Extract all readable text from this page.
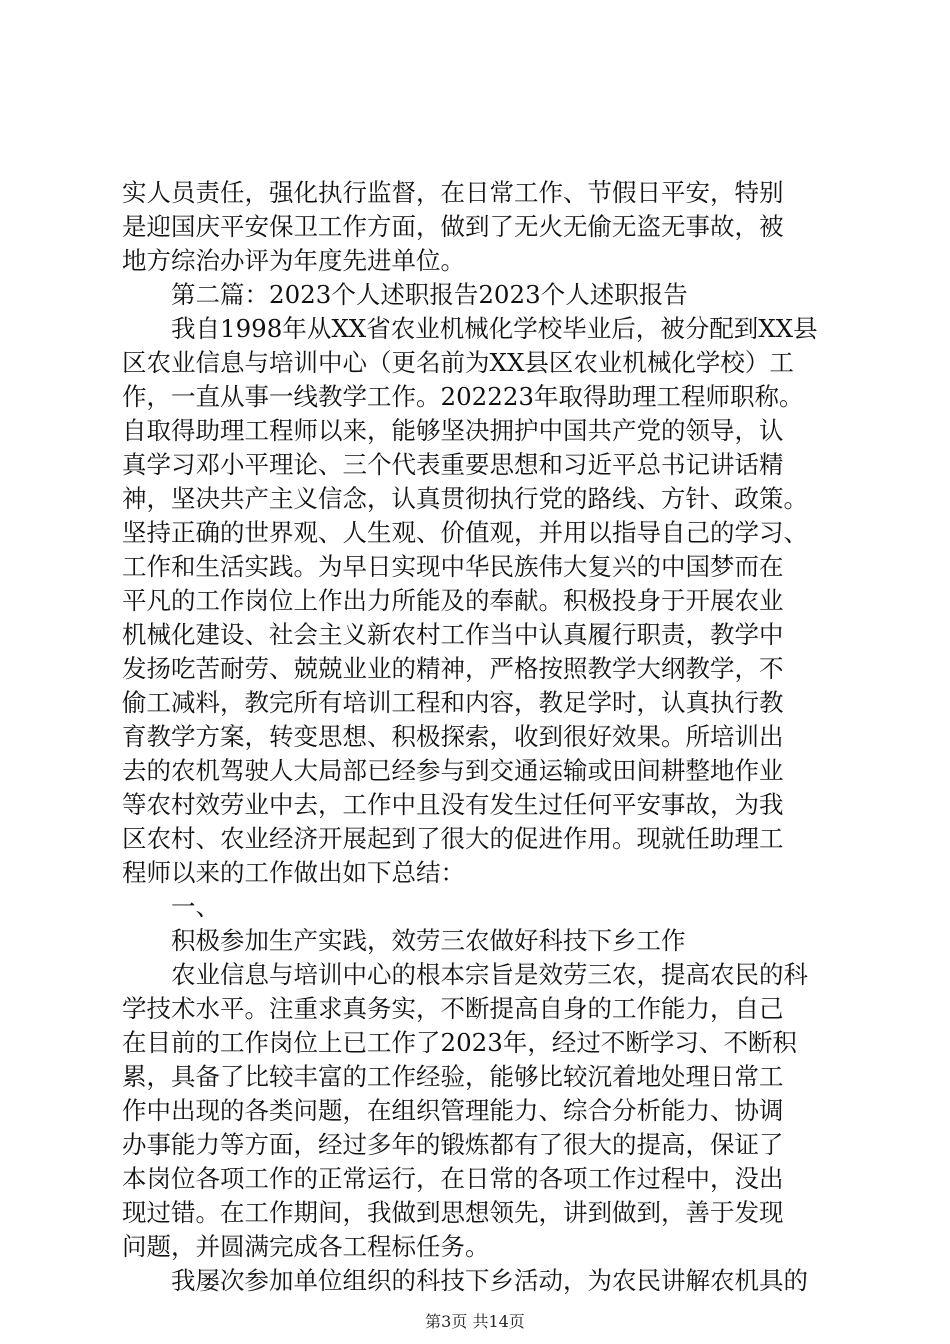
实人员责任，强化执行监督，在日常工作、节假日平安，特别
是迎国庆平安保卫工作方面，做到了无火无偷无盗无事故，被
地方综治办评为年度先进单位。
第二篇：2023个人述职报告2023个人述职报告
我自1998年从XX省农业机械化学校毕业后，被分配到XX县
区农业信息与培训中心（更名前为XX县区农业机械化学校）工
作，一直从事一线教学工作。202223年取得助理工程师职称。
自取得助理工程师以来，能够坚决拥护中国共产党的领导，认
真学习邓小平理论、三个代表重要思想和习近平总书记讲话精
神，坚决共产主义信念，认真贯彻执行党的路线、方针、政策。
坚持正确的世界观、人生观、价值观，并用以指导自己的学习、
工作和生活实践。为早日实现中华民族伟大复兴的中国梦而在
平凡的工作岗位上作出力所能及的奉献。积极投身于开展农业
机械化建设、社会主义新农村工作当中认真履行职责，教学中
发扬吃苦耐劳、兢兢业业的精神，严格按照教学大纲教学，不
偷工减料，教完所有培训工程和内容，教足学时，认真执行教
育教学方案，转变思想、积极探索，收到很好效果。所培训出
去的农机驾驶人大局部已经参与到交通运输或田间耕整地作业
等农村效劳业中去，工作中且没有发生过任何平安事故，为我
区农村、农业经济开展起到了很大的促进作用。现就任助理工
程师以来的工作做出如下总结：
一、
积极参加生产实践，效劳三农做好科技下乡工作
农业信息与培训中心的根本宗旨是效劳三农，提高农民的科
学技术水平。注重求真务实，不断提高自身的工作能力，自己
在目前的工作岗位上已工作了2023年，经过不断学习、不断积
累，具备了比较丰富的工作经验，能够比较沉着地处理日常工
作中出现的各类问题，在组织管理能力、综合分析能力、协调
办事能力等方面，经过多年的锻炼都有了很大的提高，保证了
本岗位各项工作的正常运行，在日常的各项工作过程中，没出
现过错。在工作期间，我做到思想领先，讲到做到，善于发现
问题，并圆满完成各工程标任务。
我屡次参加单位组织的科技下乡活动，为农民讲解农机具的
第3页 共14页
